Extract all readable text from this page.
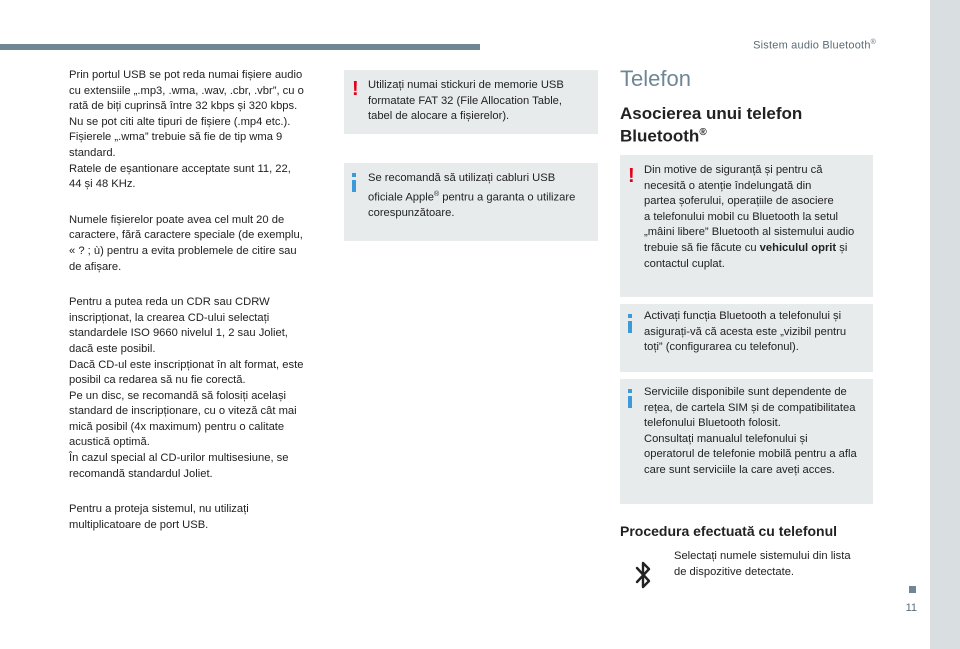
Sistem audio Bluetooth®

Prin portul USB se pot reda numai fișiere audio
cu extensiile „.mp3, .wma, .wav, .cbr, .vbr”, cu o
rată de biți cuprinsă între 32 kbps și 320 kbps.
Nu se pot citi alte tipuri de fișiere (.mp4 etc.).
Fișierele „.wma” trebuie să fie de tip wma 9
standard.
Ratele de eșantionare acceptate sunt 11, 22,
44 și 48 KHz.

Numele fișierelor poate avea cel mult 20 de
caractere, fără caractere speciale (de exemplu,
« ? ; ù) pentru a evita problemele de citire sau
de afișare.

Pentru a putea reda un CDR sau CDRW
inscripționat, la crearea CD-ului selectați
standardele ISO 9660 nivelul 1, 2 sau Joliet,
dacă este posibil.
Dacă CD-ul este inscripționat în alt format, este
posibil ca redarea să nu fie corectă.
Pe un disc, se recomandă să folosiți același
standard de inscripționare, cu o viteză cât mai
mică posibil (4x maximum) pentru o calitate
acustică optimă.
În cazul special al CD-urilor multisesiune, se
recomandă standardul Joliet.

Pentru a proteja sistemul, nu utilizați
multiplicatoare de port USB.

! Utilizați numai stickuri de memorie USB
formatate FAT 32 (File Allocation Table,
tabel de alocare a fișierelor).
Se recomandă să utilizați cabluri USB
oficiale Apple® pentru a garanta o utilizare
corespunzătoare.
Telefon
Asocierea unui telefon
Bluetooth®
! Din motive de siguranță și pentru că
necesită o atenție îndelungată din
partea șoferului, operațiile de asociere
a telefonului mobil cu Bluetooth la setul
„mâini libere” Bluetooth al sistemului audio
trebuie să fie făcute cu vehiculul oprit și
contactul cuplat.
Activați funcția Bluetooth a telefonului și
asigurați-vă că acesta este „vizibil pentru
toți” (configurarea cu telefonul).
Serviciile disponibile sunt dependente de
rețea, de cartela SIM și de compatibilitatea
telefonului Bluetooth folosit.
Consultați manualul telefonului și
operatorul de telefonie mobilă pentru a afla
care sunt serviciile la care aveți acces.
Procedura efectuată cu telefonul
Selectați numele sistemului din lista
de dispozitive detectate.
11
